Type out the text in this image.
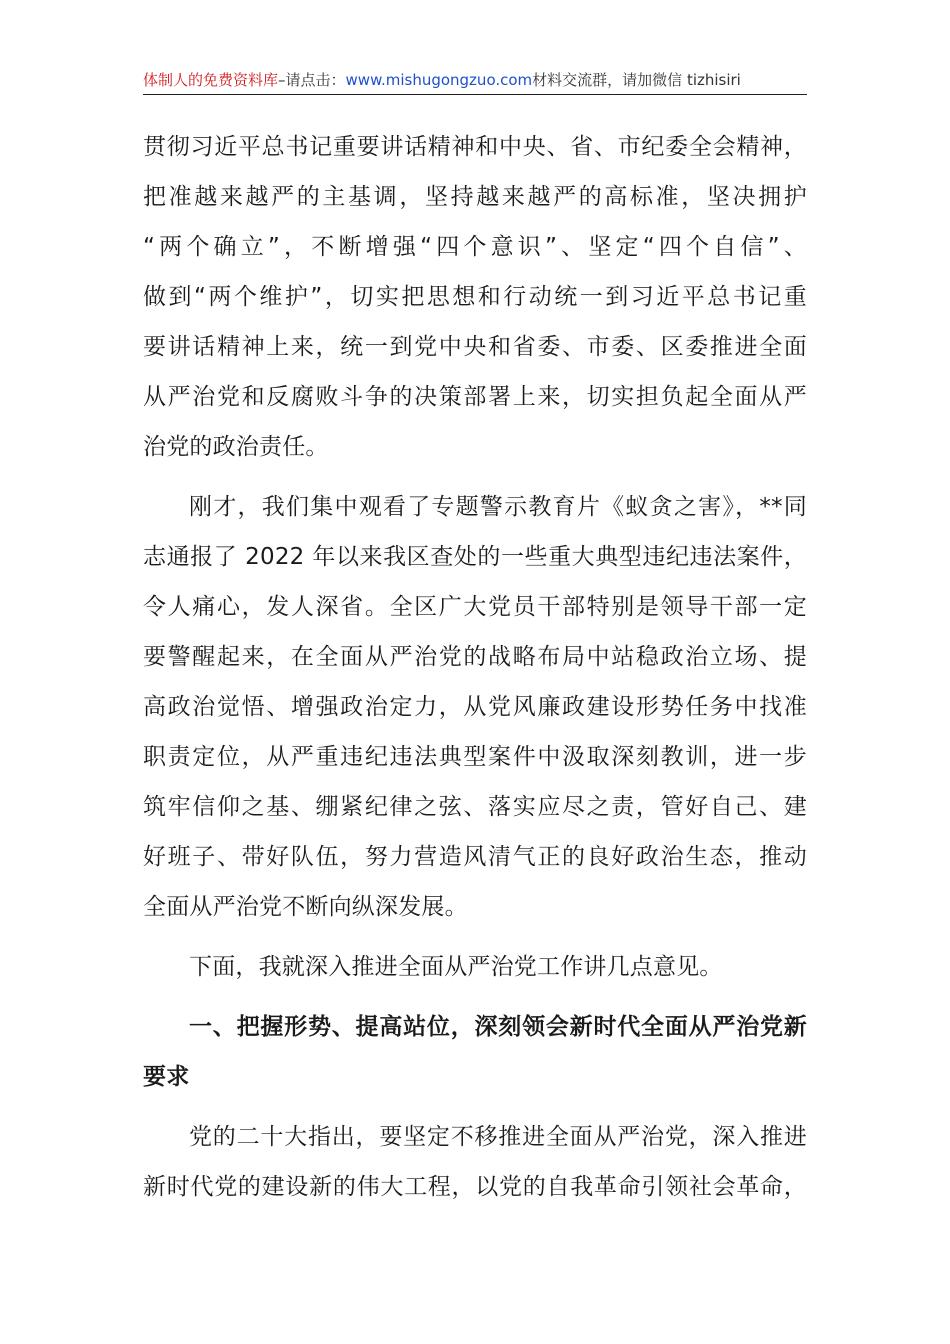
体制人的免费资料库–请点击：www.mishugongzuo.com材料交流群，请加微信 tizhisiri
贯彻习近平总书记重要讲话精神和中央、省、市纪委全会精神，
把准越来越严的主基调，坚持越来越严的高标准，坚决拥护
“两个确立”，不断增强“四个意识”、坚定“四个自信”、
做到“两个维护”，切实把思想和行动统一到习近平总书记重
要讲话精神上来，统一到党中央和省委、市委、区委推进全面
从严治党和反腐败斗争的决策部署上来，切实担负起全面从严
治党的政治责任。
刚才，我们集中观看了专题警示教育片《蚁贪之害》，**同
志通报了 2022 年以来我区查处的一些重大典型违纪违法案件，
令人痛心，发人深省。全区广大党员干部特别是领导干部一定
要警醒起来，在全面从严治党的战略布局中站稳政治立场、提
高政治觉悟、增强政治定力，从党风廉政建设形势任务中找准
职责定位，从严重违纪违法典型案件中汲取深刻教训，进一步
筑牢信仰之基、绷紧纪律之弦、落实应尽之责，管好自己、建
好班子、带好队伍，努力营造风清气正的良好政治生态，推动
全面从严治党不断向纵深发展。
下面，我就深入推进全面从严治党工作讲几点意见。
一、把握形势、提高站位，深刻领会新时代全面从严治党新
要求
党的二十大指出，要坚定不移推进全面从严治党，深入推进
新时代党的建设新的伟大工程，以党的自我革命引领社会革命，
